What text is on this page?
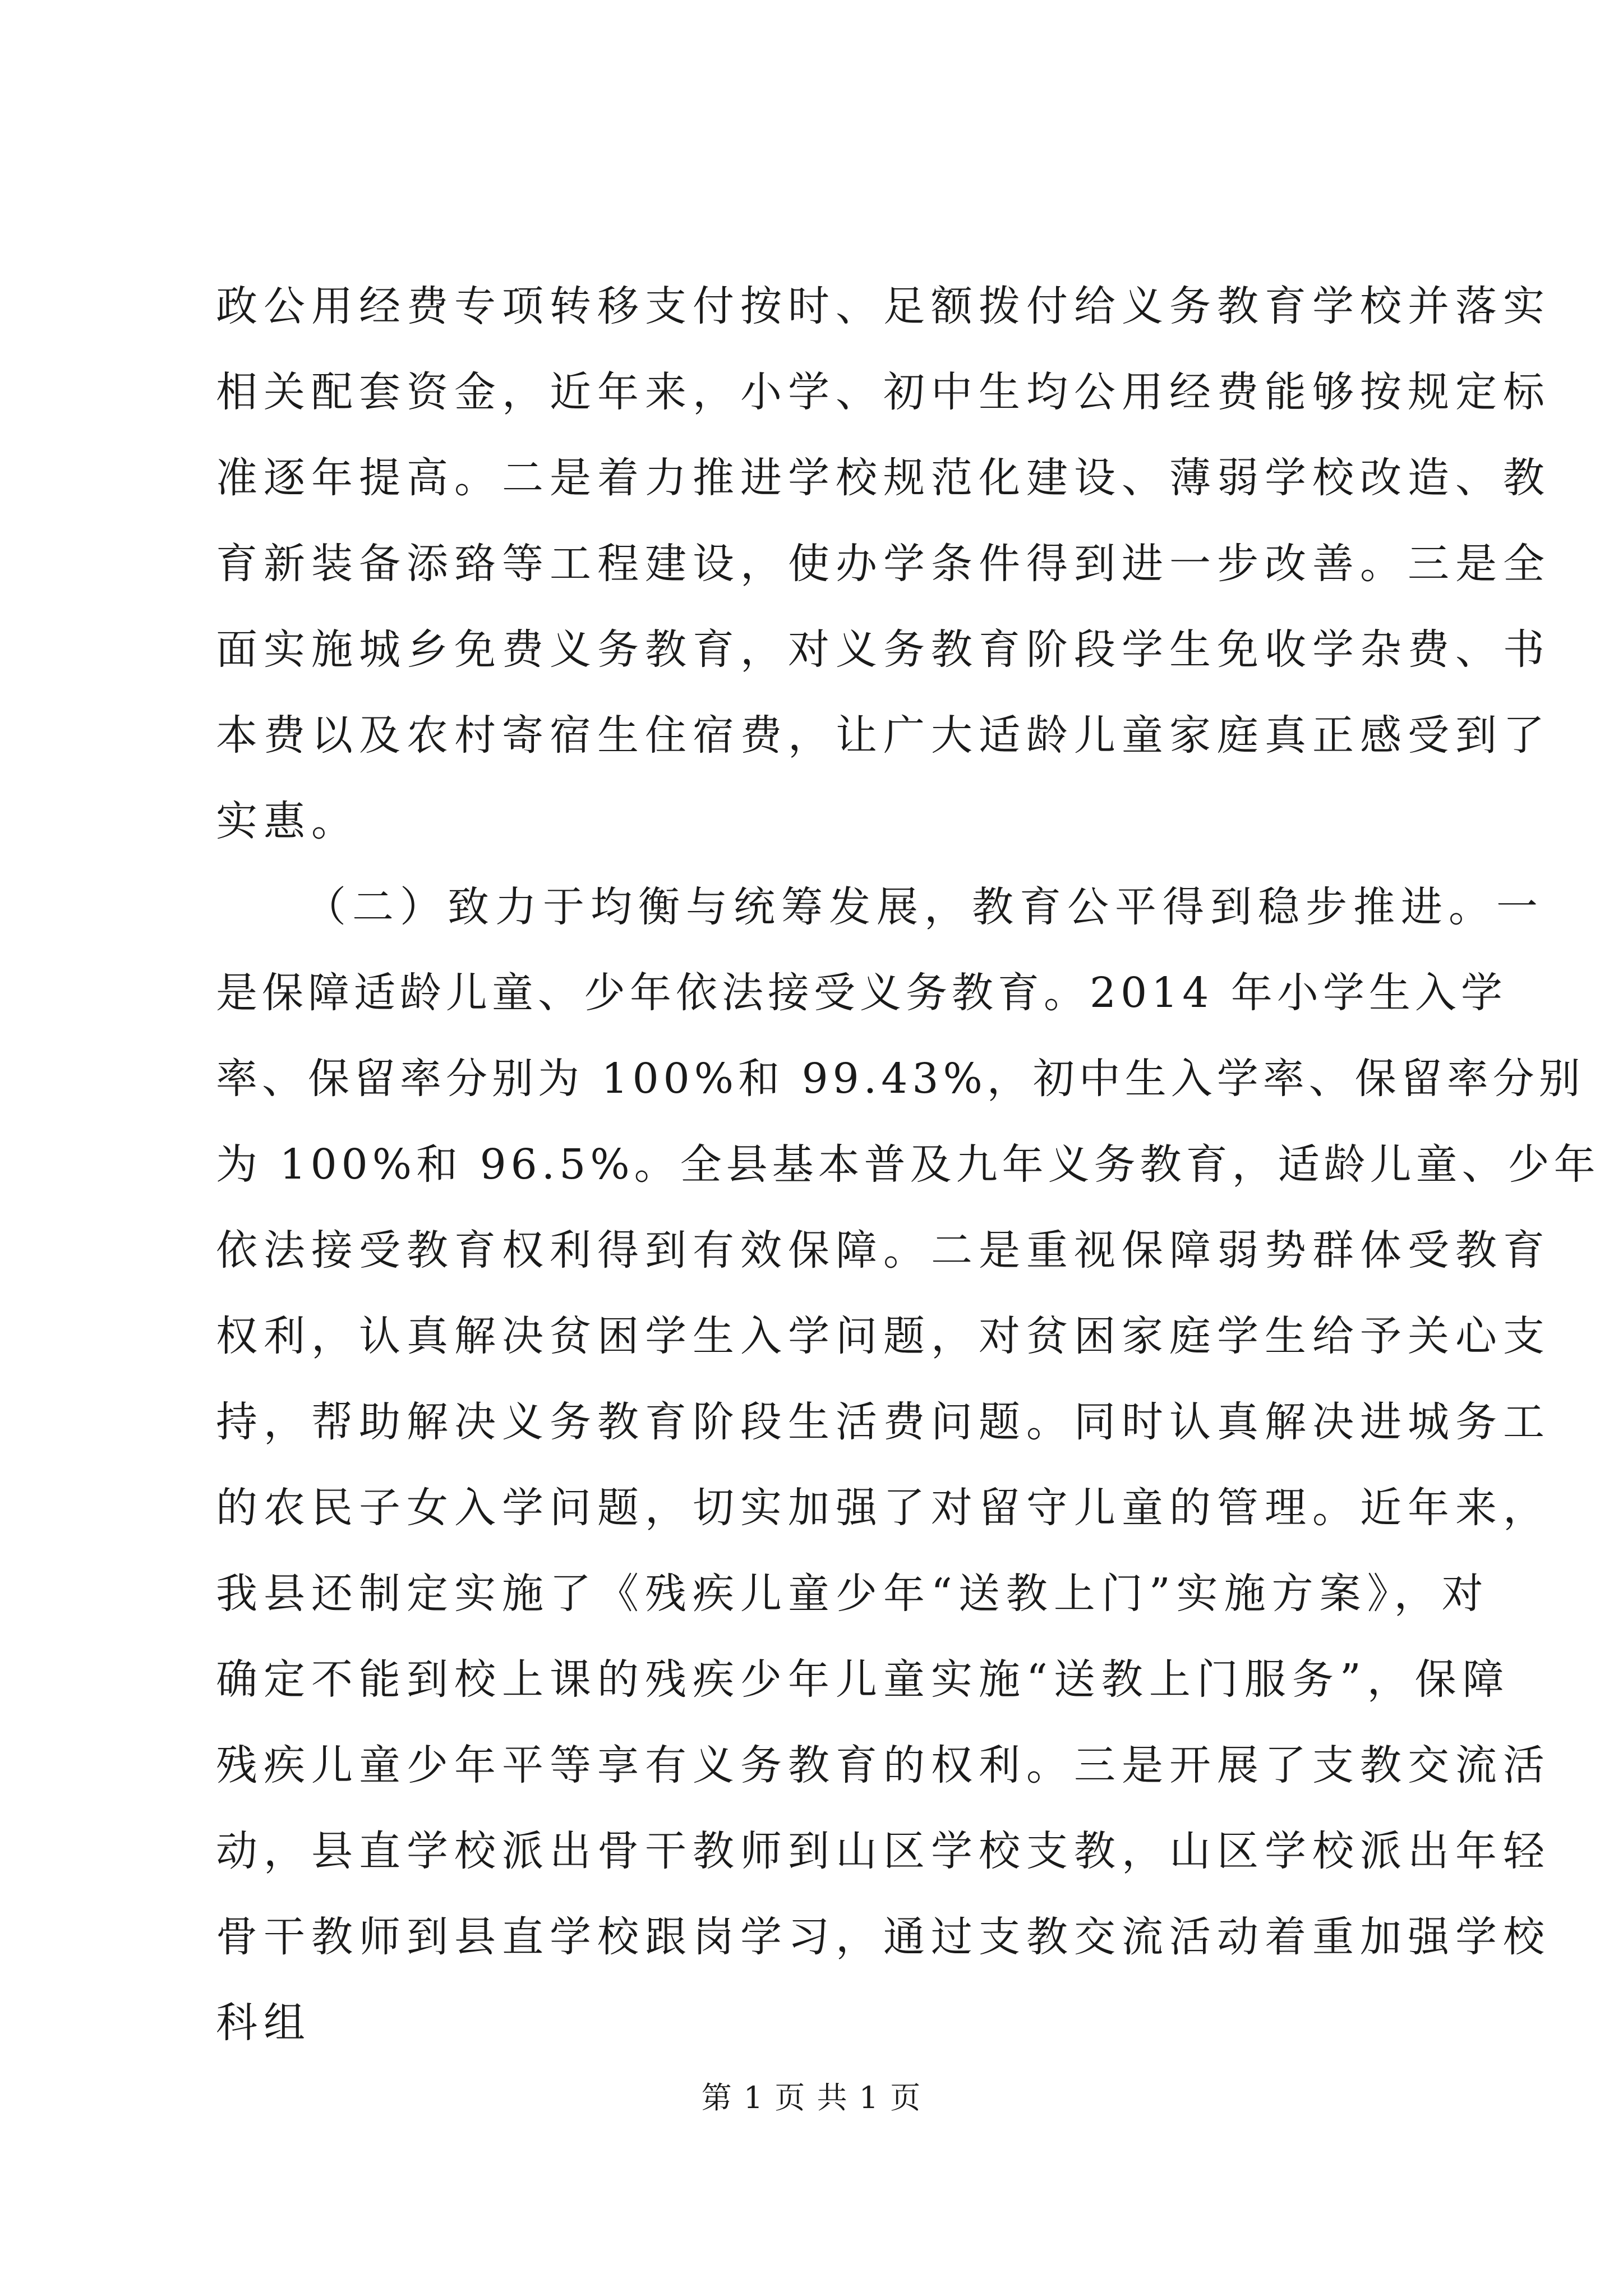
政公用经费专项转移支付按时、足额拨付给义务教育学校并落实
相关配套资金，近年来，小学、初中生均公用经费能够按规定标
准逐年提高。二是着力推进学校规范化建设、薄弱学校改造、教
育新装备添臵等工程建设，使办学条件得到进一步改善。三是全
面实施城乡免费义务教育，对义务教育阶段学生免收学杂费、书
本费以及农村寄宿生住宿费，让广大适龄儿童家庭真正感受到了
实惠。
（二）致力于均衡与统筹发展，教育公平得到稳步推进。一
是保障适龄儿童、少年依法接受义务教育。2014 年小学生入学
率、保留率分别为 100%和 99.43%，初中生入学率、保留率分别
为 100%和 96.5%。全县基本普及九年义务教育，适龄儿童、少年
依法接受教育权利得到有效保障。二是重视保障弱势群体受教育
权利，认真解决贫困学生入学问题，对贫困家庭学生给予关心支
持，帮助解决义务教育阶段生活费问题。同时认真解决进城务工
的农民子女入学问题，切实加强了对留守儿童的管理。近年来，
我县还制定实施了《残疾儿童少年“送教上门”实施方案》，对
确定不能到校上课的残疾少年儿童实施“送教上门服务”，保障
残疾儿童少年平等享有义务教育的权利。三是开展了支教交流活
动，县直学校派出骨干教师到山区学校支教，山区学校派出年轻
骨干教师到县直学校跟岗学习，通过支教交流活动着重加强学校
科组
第 1 页 共 1 页
